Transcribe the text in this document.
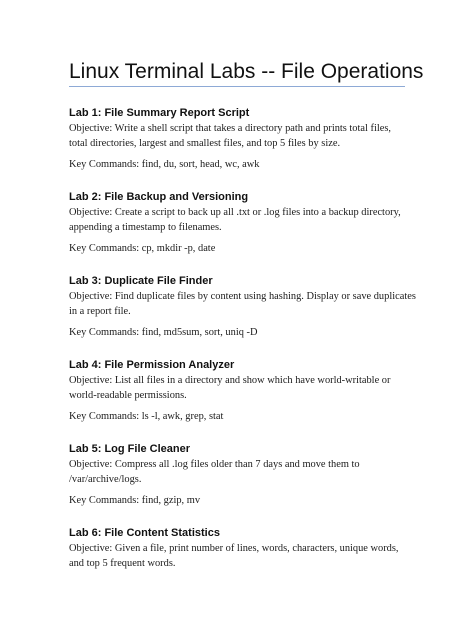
Linux Terminal Labs -- File Operations
Lab 1: File Summary Report Script

Objective: Write a shell script that takes a directory path and prints total files,
total directories, largest and smallest files, and top 5 files by size.

Key Commands: find, du, sort, head, wc, awk

Lab 2: File Backup and Versioning

Objective: Create a script to back up all .txt or .log files into a backup directory,
appending a timestamp to filenames.

Key Commands: cp, mkdir -p, date

Lab 3: Duplicate File Finder

Objective: Find duplicate files by content using hashing. Display or save duplicates
in a report file.

Key Commands: find, md5sum, sort, uniq -D

Lab 4: File Permission Analyzer

Objective: List all files in a directory and show which have world-writable or
world-readable permissions.

Key Commands: ls -l, awk, grep, stat

Lab 5: Log File Cleaner

Objective: Compress all .log files older than 7 days and move them to
/var/archive/logs.

Key Commands: find, gzip, mv

Lab 6: File Content Statistics

Objective: Given a file, print number of lines, words, characters, unique words,
and top 5 frequent words.
